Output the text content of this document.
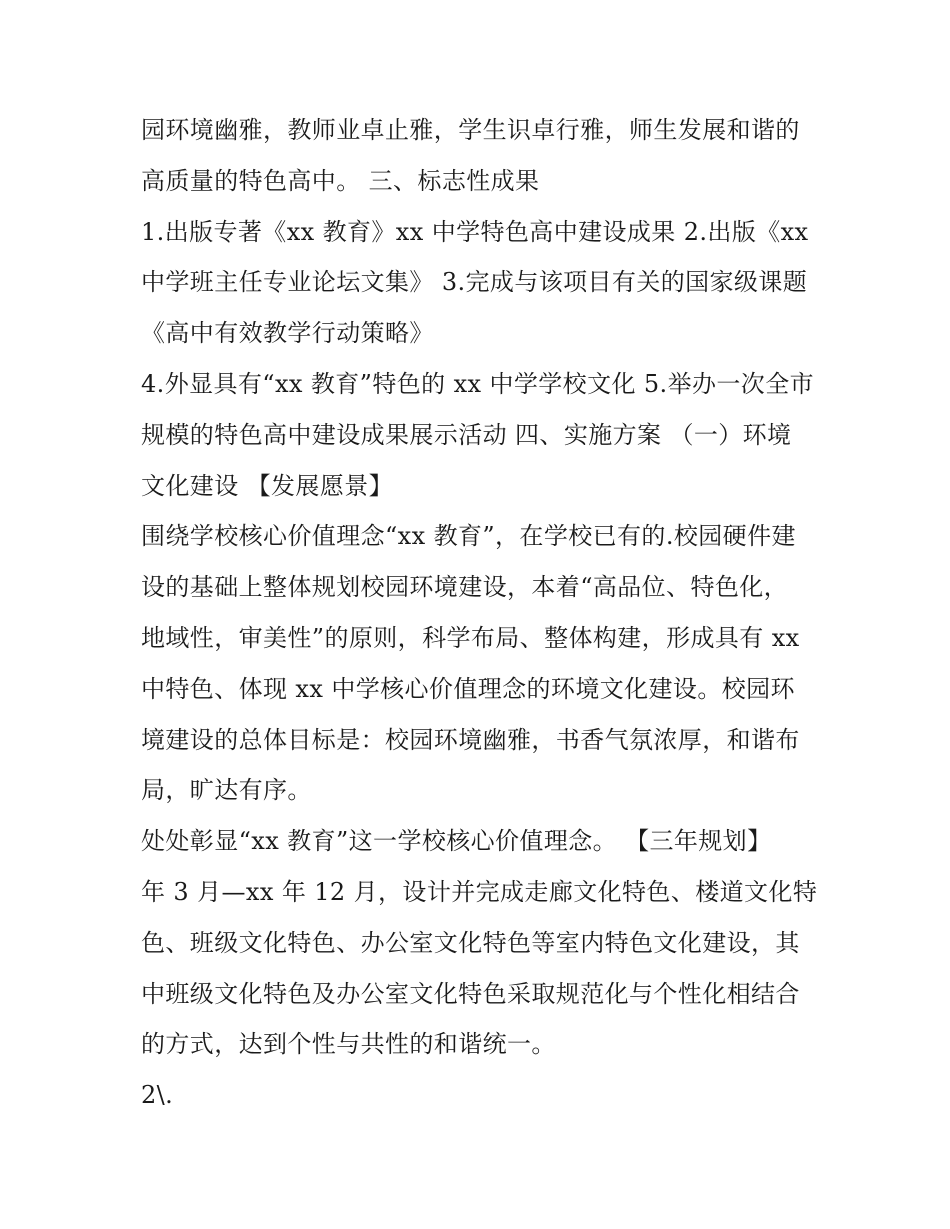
园环境幽雅，教师业卓止雅，学生识卓行雅，师生发展和谐的
高质量的特色高中。 三、标志性成果
1.出版专著《xx 教育》xx 中学特色高中建设成果 2.出版《xx
中学班主任专业论坛文集》 3.完成与该项目有关的国家级课题
《高中有效教学行动策略》
4.外显具有“xx 教育”特色的 xx 中学学校文化 5.举办一次全市
规模的特色高中建设成果展示活动 四、实施方案 （一）环境
文化建设 【发展愿景】
围绕学校核心价值理念“xx 教育”，在学校已有的.校园硬件建
设的基础上整体规划校园环境建设，本着“高品位、特色化，
地域性，审美性”的原则，科学布局、整体构建，形成具有 xx
中特色、体现 xx 中学核心价值理念的环境文化建设。校园环
境建设的总体目标是：校园环境幽雅，书香气氛浓厚，和谐布
局，旷达有序。
处处彰显“xx 教育”这一学校核心价值理念。 【三年规划】
年 3 月—xx 年 12 月，设计并完成走廊文化特色、楼道文化特
色、班级文化特色、办公室文化特色等室内特色文化建设，其
中班级文化特色及办公室文化特色采取规范化与个性化相结合
的方式，达到个性与共性的和谐统一。
2\.
